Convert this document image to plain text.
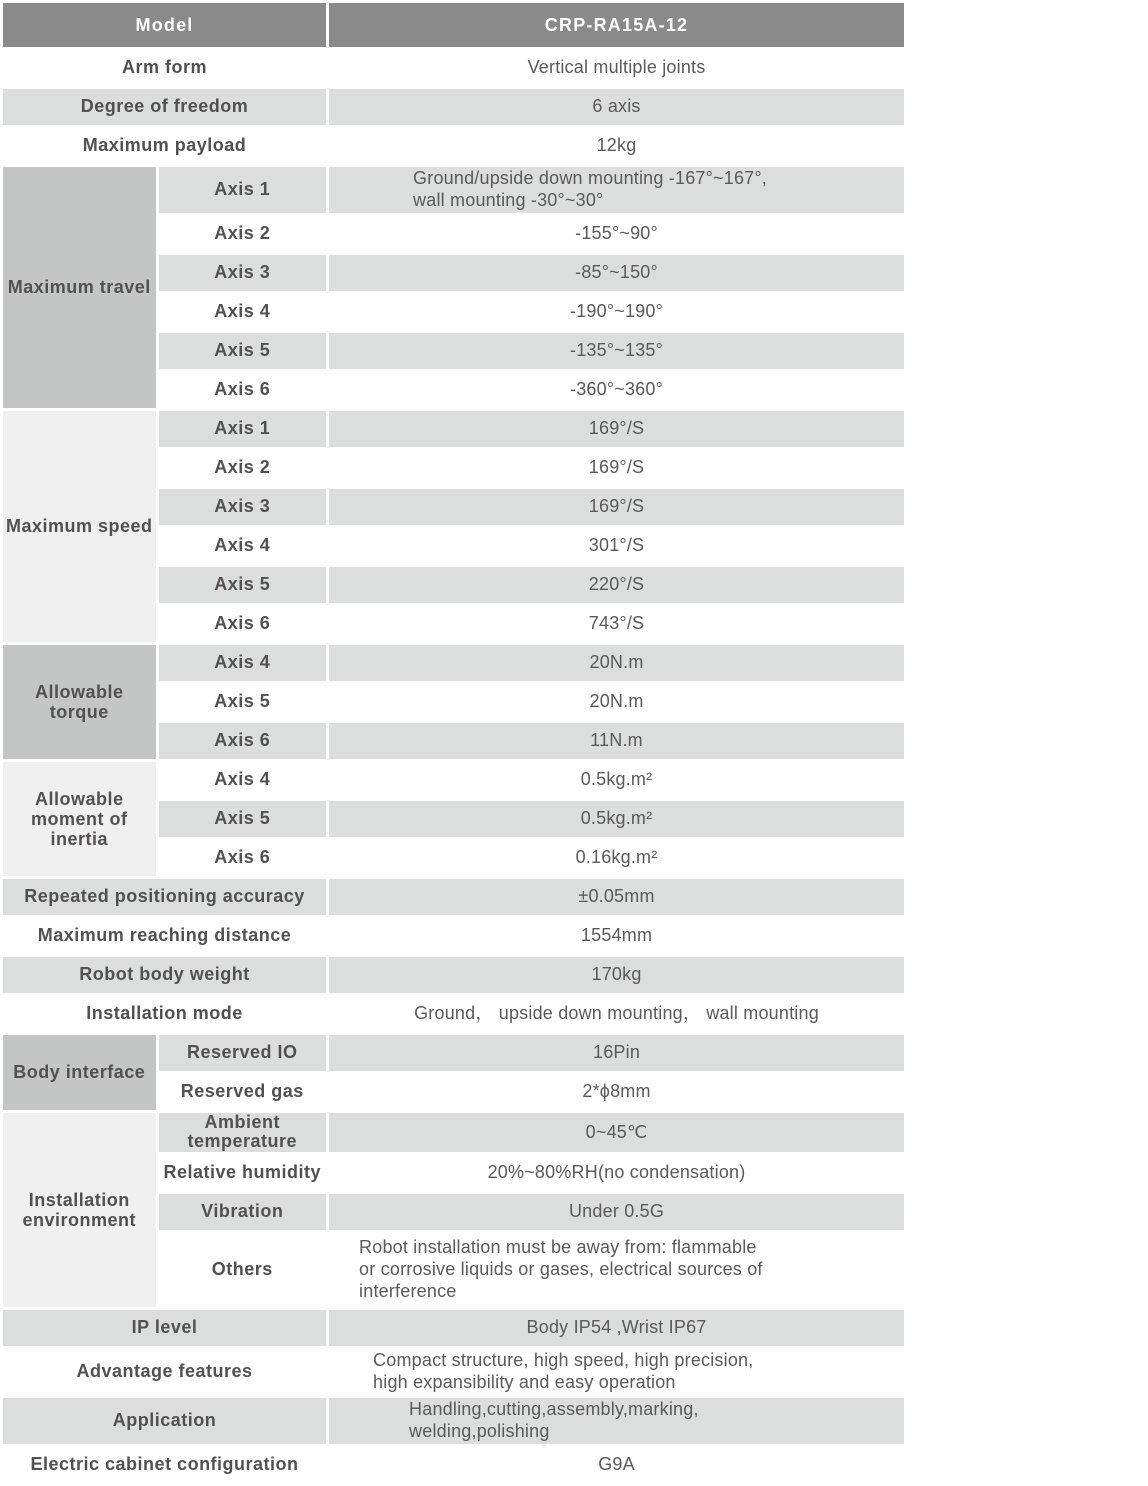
Model		CRP-RA15A-12
Arm form		Vertical multiple joints
Degree of freedom		6 axis
Maximum payload		12kg
Maximum travel	Axis 1	Ground/upside down mounting -167°~167°,
wall mounting -30°~30°
	Axis 2	-155°~90°
	Axis 3	-85°~150°
	Axis 4	-190°~190°
	Axis 5	-135°~135°
	Axis 6	-360°~360°
Maximum speed	Axis 1	169°/S
	Axis 2	169°/S
	Axis 3	169°/S
	Axis 4	301°/S
	Axis 5	220°/S
	Axis 6	743°/S
Allowable torque	Axis 4	20N.m
	Axis 5	20N.m
	Axis 6	11N.m
Allowable moment of inertia	Axis 4	0.5kg.m²
	Axis 5	0.5kg.m²
	Axis 6	0.16kg.m²
Repeated positioning accuracy		±0.05mm
Maximum reaching distance		1554mm
Robot body weight		170kg
Installation mode		Ground， upside down mounting， wall mounting
Body interface	Reserved IO	16Pin
	Reserved gas	2*ϕ8mm
Installation environment	Ambient temperature	0~45℃
	Relative humidity	20%~80%RH(no condensation)
	Vibration	Under 0.5G
	Others	Robot installation must be away from: flammable
or corrosive liquids or gases, electrical sources of
interference
IP level		Body IP54 ,Wrist IP67
Advantage features		Compact structure, high speed, high precision,
high expansibility and easy operation
Application		Handling,cutting,assembly,marking,
welding,polishing
Electric cabinet configuration		G9A
